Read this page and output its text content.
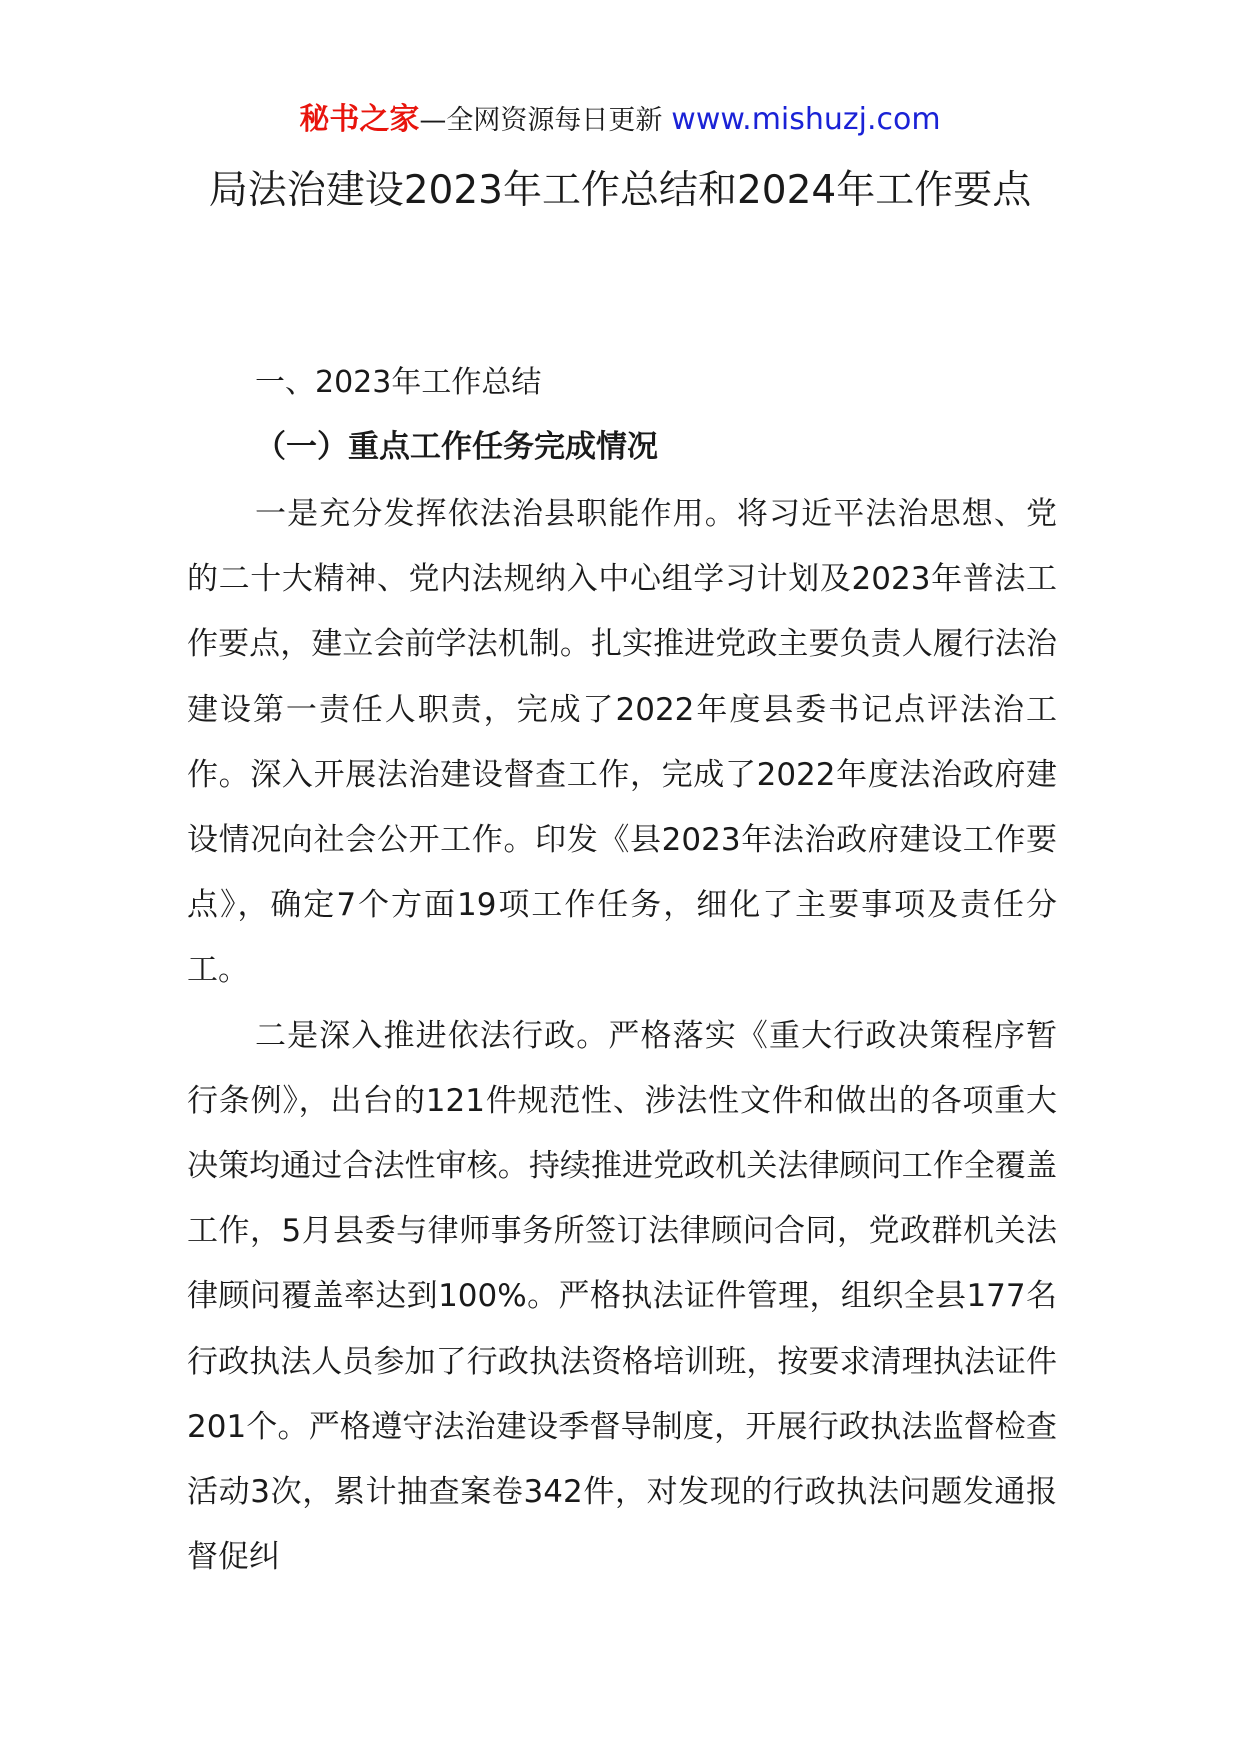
秘书之家—全网资源每日更新 www.mishuzj.com
局法治建设2023年工作总结和2024年工作要点

一、2023年工作总结

（一）重点工作任务完成情况

一是充分发挥依法治县职能作用。将习近平法治思想、党的二十大精神、党内法规纳入中心组学习计划及2023年普法工作要点，建立会前学法机制。扎实推进党政主要负责人履行法治建设第一责任人职责，完成了2022年度县委书记点评法治工作。深入开展法治建设督查工作，完成了2022年度法治政府建设情况向社会公开工作。印发《县2023年法治政府建设工作要点》，确定7个方面19项工作任务，细化了主要事项及责任分工。

二是深入推进依法行政。严格落实《重大行政决策程序暂行条例》，出台的121件规范性、涉法性文件和做出的各项重大决策均通过合法性审核。持续推进党政机关法律顾问工作全覆盖工作，5月县委与律师事务所签订法律顾问合同，党政群机关法律顾问覆盖率达到100%。严格执法证件管理，组织全县177名行政执法人员参加了行政执法资格培训班，按要求清理执法证件201个。严格遵守法治建设季督导制度，开展行政执法监督检查活动3次，累计抽查案卷342件，对发现的行政执法问题发通报督促纠
